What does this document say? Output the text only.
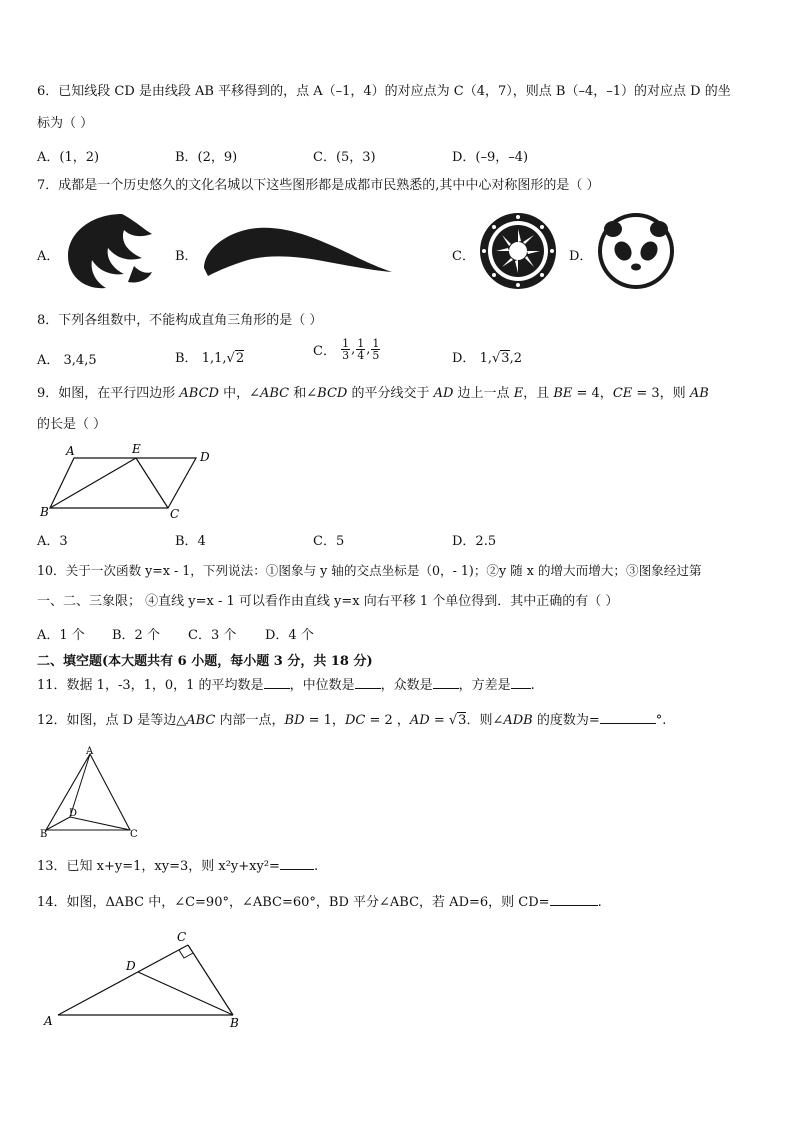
6．已知线段 CD 是由线段 AB 平移得到的，点 A（–1，4）的对应点为 C（4，7），则点 B（–4，–1）的对应点 D 的坐
标为（ ）
A．(1，2)	B．(2，9)	C．(5，3)	D．(–9，–4)
7．成都是一个历史悠久的文化名城以下这些图形都是成都市民熟悉的,其中中心对称图形的是（ ）
A．	B．	C．	D．
8．下列各组数中，不能构成直角三角形的是（ ）
A． 3,4,5	B． 1,1,√2	C． $\frac{1}{3}$ , $\frac{1}{4}$ , $\frac{1}{5}$	D． 1,√3,2
9．如图，在平行四边形 ABCD 中，∠ABC 和∠BCD 的平分线交于 AD 边上一点 E，且 BE = 4，CE = 3，则 AB
的长是（ ）
A	E
D
B	C
A．3	B．4	C．5	D．2.5
10．关于一次函数 y=x - 1，下列说法：①图象与 y 轴的交点坐标是（0，- 1)；②y 随 x 的增大而增大；③图象经过第
一、二、三象限； ④直线 y=x - 1 可以看作由直线 y=x 向右平移 1 个单位得到．其中正确的有（ ）
A．1 个 B．2 个 C．3 个 D．4 个
二、填空题(本大题共有 6 小题，每小题 3 分，共 18 分)
11．数据 1，-3，1，0，1 的平均数是 ，中位数是 ，众数是 ，方差是 .
12．如图，点 D 是等边△ABC 内部一点，BD = 1，DC = 2 ，AD = √3．则∠ADB 的度数为=	°.
A
B	C
D
13．已知 x+y=1，xy=3，则 x²y+xy²=	.
14．如图，ΔABC 中，∠C=90°，∠ABC=60°，BD 平分∠ABC，若 AD=6，则 CD=	.
A	B
C
D
